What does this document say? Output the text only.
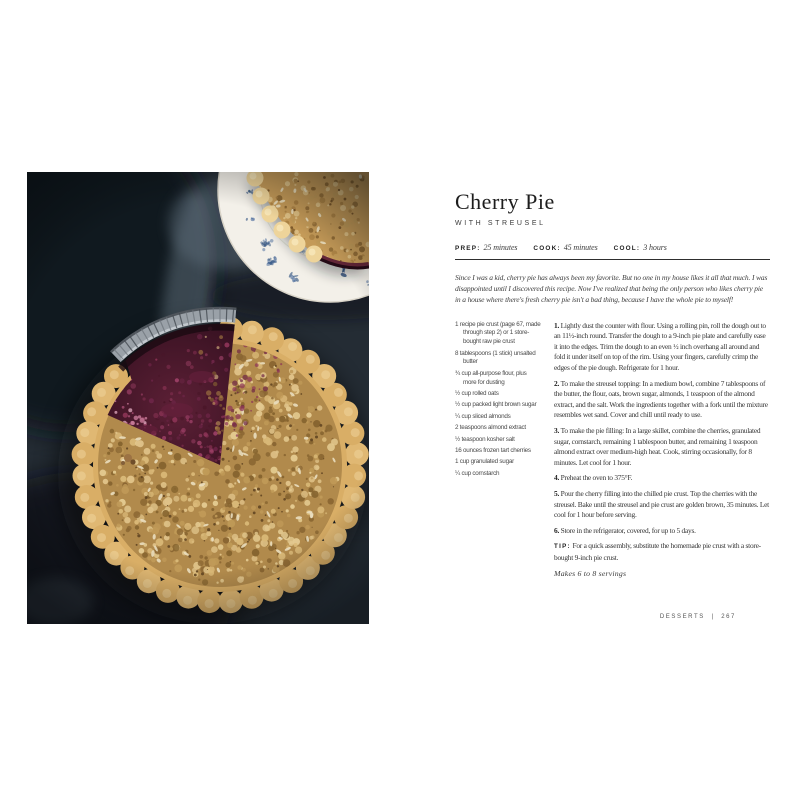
Cherry Pie
WITH STREUSEL
PREP: 25 minutes	COOK: 45 minutes	COOL: 3 hours

Since I was a kid, cherry pie has always been my favorite. But no one in my house likes it all that much. I was disappointed until I discovered this recipe. Now I've realized that being the only person who likes cherry pie in a house where there's fresh cherry pie isn't a bad thing, because I have the whole pie to myself!

1 recipe pie crust (page 67, made through step 2) or 1 store-bought raw pie crust
8 tablespoons (1 stick) unsalted butter
¾ cup all-purpose flour, plus more for dusting
½ cup rolled oats
½ cup packed light brown sugar
¼ cup sliced almonds
2 teaspoons almond extract
½ teaspoon kosher salt
16 ounces frozen tart cherries
1 cup granulated sugar
¼ cup cornstarch

1. Lightly dust the counter with flour. Using a rolling pin, roll the dough out to an 11½-inch round. Transfer the dough to a 9-inch pie plate and carefully ease it into the edges. Trim the dough to an even ½ inch overhang all around and fold it under itself on top of the rim. Using your fingers, carefully crimp the edges of the pie dough. Refrigerate for 1 hour.

2. To make the streusel topping: In a medium bowl, combine 7 tablespoons of the butter, the flour, oats, brown sugar, almonds, 1 teaspoon of the almond extract, and the salt. Work the ingredients together with a fork until the mixture resembles wet sand. Cover and chill until ready to use.

3. To make the pie filling: In a large skillet, combine the cherries, granulated sugar, cornstarch, remaining 1 tablespoon butter, and remaining 1 teaspoon almond extract over medium-high heat. Cook, stirring occasionally, for 8 minutes. Let cool for 1 hour.

4. Preheat the oven to 375°F.

5. Pour the cherry filling into the chilled pie crust. Top the cherries with the streusel. Bake until the streusel and pie crust are golden brown, 35 minutes. Let cool for 1 hour before serving.

6. Store in the refrigerator, covered, for up to 5 days.

TIP: For a quick assembly, substitute the homemade pie crust with a store-bought 9-inch pie crust.

Makes 6 to 8 servings

DESSERTS | 267
